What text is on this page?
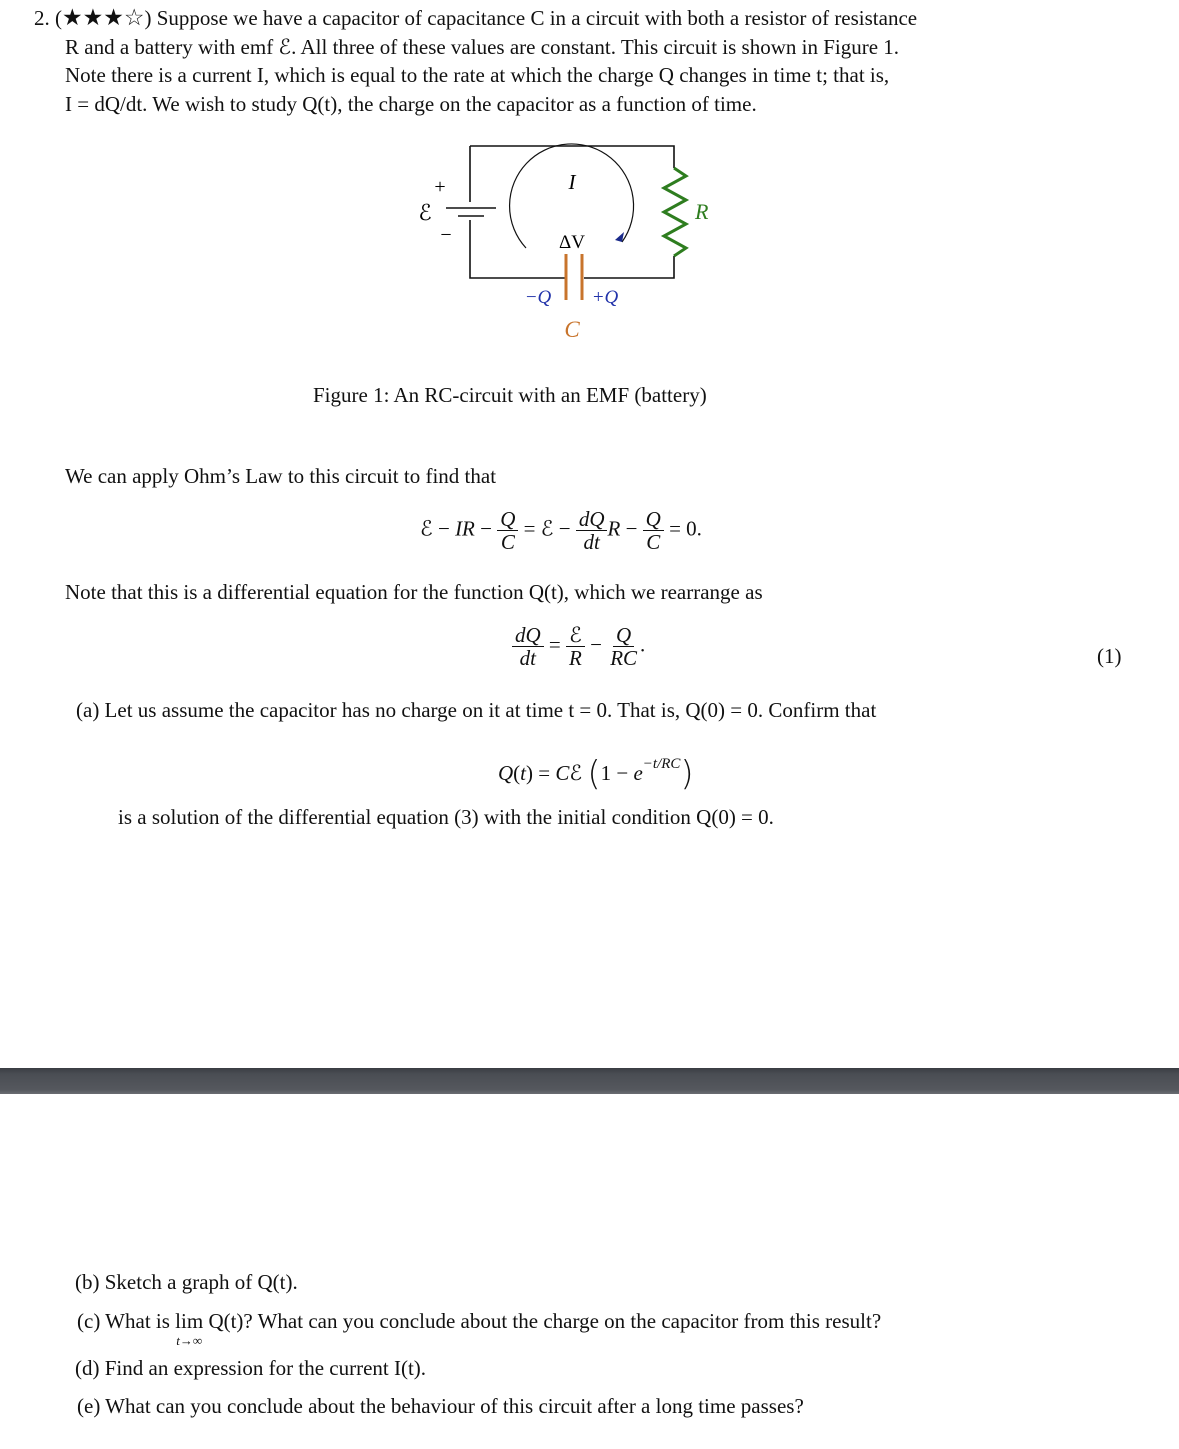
2. (★★★☆) Suppose we have a capacitor of capacitance C in a circuit with both a resistor of resistance
R and a battery with emf ℰ. All three of these values are constant. This circuit is shown in Figure 1.
Note there is a current I, which is equal to the rate at which the charge Q changes in time t; that is,
I = dQ/dt. We wish to study Q(t), the charge on the capacitor as a function of time.
+
ℰ
−
R
−Q +Q
C
I
ΔV
Figure 1: An RC-circuit with an EMF (battery)
We can apply Ohm’s Law to this circuit to find that
ℰ − IR − $\frac{Q}{C}$ = ℰ − $\frac{dQ}{dt}$ $R - \frac{Q}{C} = 0$.
Note that this is a differential equation for the function Q(t), which we rearrange as
$\frac{dQ}{dt} = \frac{\text{ℰ}}{R} - \frac{Q}{RC}$ .	(1)
(a) Let us assume the capacitor has no charge on it at time t = 0. That is, Q(0) = 0. Confirm that
Q(t) = Cℰ $(1 - e^{-t/RC})$
is a solution of the differential equation (3) with the initial condition Q(0) = 0.
(b) Sketch a graph of Q(t).
(c) What is lim
t→∞
Q(t)? What can you conclude about the charge on the capacitor from this result?
(d) Find an expression for the current I(t).
(e) What can you conclude about the behaviour of this circuit after a long time passes?
